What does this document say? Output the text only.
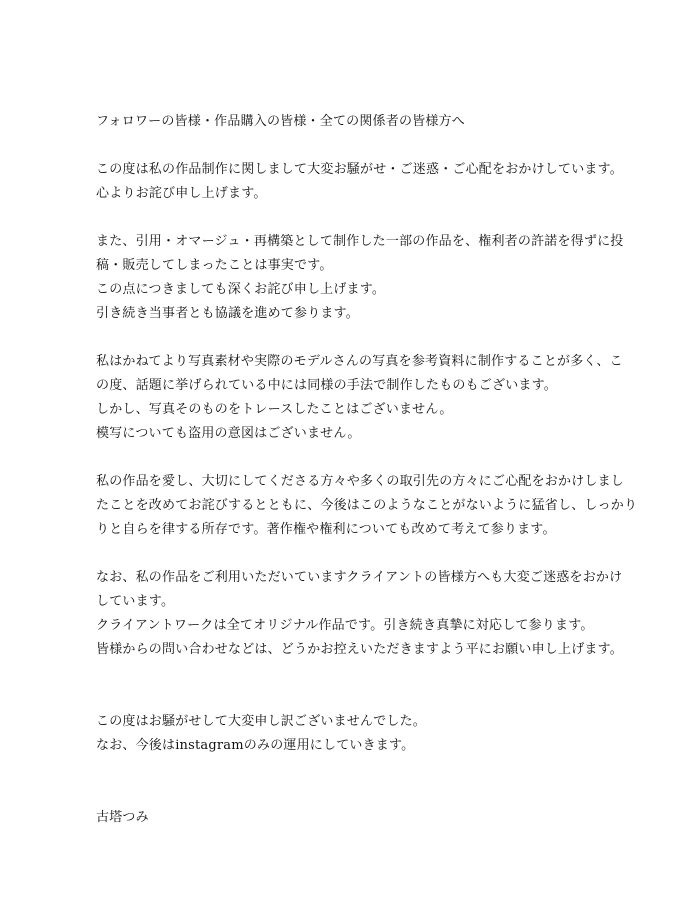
フォロワーの皆様・作品購入の皆様・全ての関係者の皆様方へ
この度は私の作品制作に関しまして大変お騒がせ・ご迷惑・ご心配をおかけしています。
心よりお詫び申し上げます。
また、引用・オマージュ・再構築として制作した一部の作品を、権利者の許諾を得ずに投
稿・販売してしまったことは事実です。
この点につきましても深くお詫び申し上げます。
引き続き当事者とも協議を進めて参ります。
私はかねてより写真素材や実際のモデルさんの写真を参考資料に制作することが多く、こ
の度、話題に挙げられている中には同様の手法で制作したものもございます。
しかし、写真そのものをトレースしたことはございません。
模写についても盗用の意図はございません。
私の作品を愛し、大切にしてくださる方々や多くの取引先の方々にご心配をおかけしまし
たことを改めてお詫びするとともに、今後はこのようなことがないように猛省し、しっかり
りと自らを律する所存です。著作権や権利についても改めて考えて参ります。
なお、私の作品をご利用いただいていますクライアントの皆様方へも大変ご迷惑をおかけ
しています。
クライアントワークは全てオリジナル作品です。引き続き真摯に対応して参ります。
皆様からの問い合わせなどは、どうかお控えいただきますよう平にお願い申し上げます。
この度はお騒がせして大変申し訳ございませんでした。
なお、今後はinstagramのみの運用にしていきます。
古塔つみ
